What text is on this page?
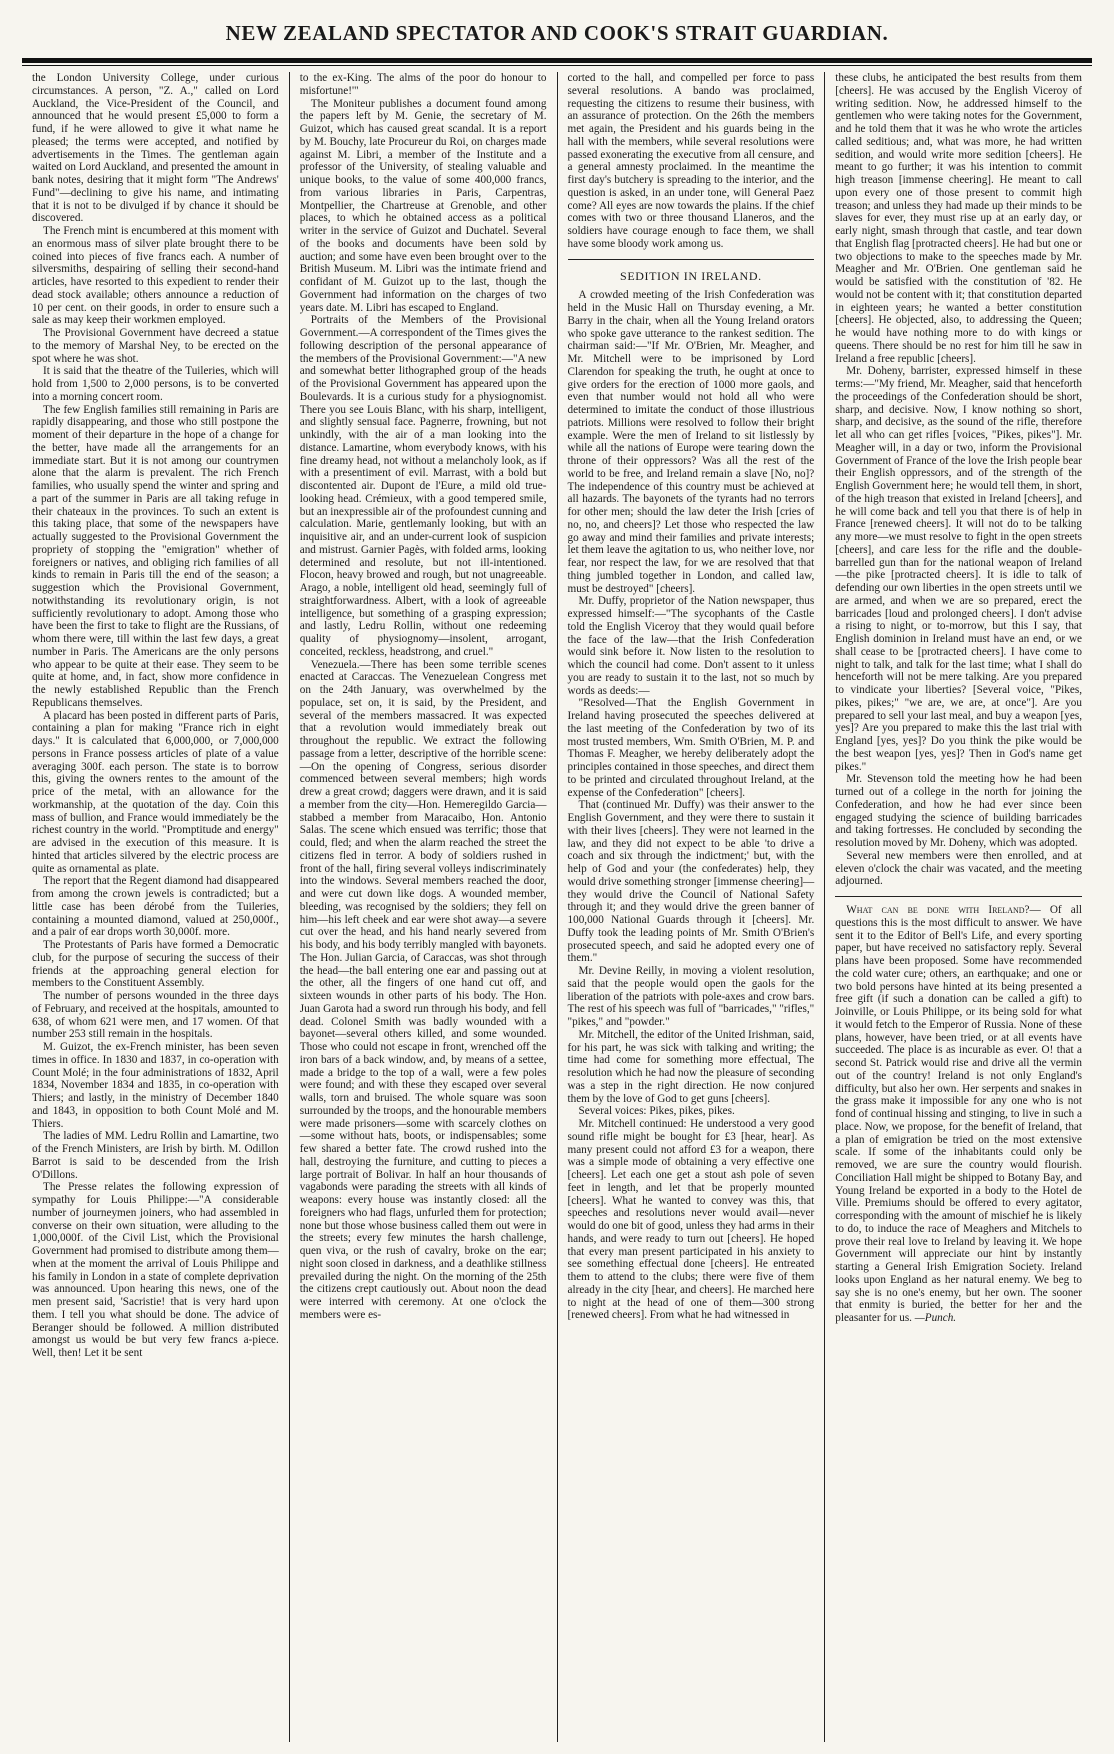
NEW ZEALAND SPECTATOR AND COOK'S STRAIT GUARDIAN.

the London University College, under curious circumstances. A person, "Z. A.," called on Lord Auckland, the Vice-President of the Council, and announced that he would present £5,000 to form a fund, if he were allowed to give it what name he pleased; the terms were accepted, and notified by advertisements in the Times. The gentleman again waited on Lord Auckland, and presented the amount in bank notes, desiring that it might form "The Andrews' Fund"—declining to give his name, and intimating that it is not to be divulged if by chance it should be discovered.

The French mint is encumbered at this moment with an enormous mass of silver plate brought there to be coined into pieces of five francs each. A number of silversmiths, despairing of selling their second-hand articles, have resorted to this expedient to render their dead stock available; others announce a reduction of 10 per cent. on their goods, in order to ensure such a sale as may keep their workmen employed.

The Provisional Government have decreed a statue to the memory of Marshal Ney, to be erected on the spot where he was shot.

It is said that the theatre of the Tuileries, which will hold from 1,500 to 2,000 persons, is to be converted into a morning concert room.

The few English families still remaining in Paris are rapidly disappearing, and those who still postpone the moment of their departure in the hope of a change for the better, have made all the arrangements for an immediate start. But it is not among our countrymen alone that the alarm is prevalent. The rich French families, who usually spend the winter and spring and a part of the summer in Paris are all taking refuge in their chateaux in the provinces. To such an extent is this taking place, that some of the newspapers have actually suggested to the Provisional Government the propriety of stopping the "emigration" whether of foreigners or natives, and obliging rich families of all kinds to remain in Paris till the end of the season; a suggestion which the Provisional Government, notwithstanding its revolutionary origin, is not sufficiently revolutionary to adopt. Among those who have been the first to take to flight are the Russians, of whom there were, till within the last few days, a great number in Paris. The Americans are the only persons who appear to be quite at their ease. They seem to be quite at home, and, in fact, show more confidence in the newly established Republic than the French Republicans themselves.

A placard has been posted in different parts of Paris, containing a plan for making "France rich in eight days." It is calculated that 6,000,000, or 7,000,000 persons in France possess articles of plate of a value averaging 300f. each person. The state is to borrow this, giving the owners rentes to the amount of the price of the metal, with an allowance for the workmanship, at the quotation of the day. Coin this mass of bullion, and France would immediately be the richest country in the world. "Promptitude and energy" are advised in the execution of this measure. It is hinted that articles silvered by the electric process are quite as ornamental as plate.

The report that the Regent diamond had disappeared from among the crown jewels is contradicted; but a little case has been dérobé from the Tuileries, containing a mounted diamond, valued at 250,000f., and a pair of ear drops worth 30,000f. more.

The Protestants of Paris have formed a Democratic club, for the purpose of securing the success of their friends at the approaching general election for members to the Constituent Assembly.

The number of persons wounded in the three days of February, and received at the hospitals, amounted to 638, of whom 621 were men, and 17 women. Of that number 253 still remain in the hospitals.

M. Guizot, the ex-French minister, has been seven times in office. In 1830 and 1837, in co-operation with Count Molé; in the four administrations of 1832, April 1834, November 1834 and 1835, in co-operation with Thiers; and lastly, in the ministry of December 1840 and 1843, in opposition to both Count Molé and M. Thiers.

The ladies of MM. Ledru Rollin and Lamartine, two of the French Ministers, are Irish by birth. M. Odillon Barrot is said to be descended from the Irish O'Dillons.

The Presse relates the following expression of sympathy for Louis Philippe:—"A considerable number of journeymen joiners, who had assembled in converse on their own situation, were alluding to the 1,000,000f. of the Civil List, which the Provisional Government had promised to distribute among them—when at the moment the arrival of Louis Philippe and his family in London in a state of complete deprivation was announced. Upon hearing this news, one of the men present said, 'Sacristie! that is very hard upon them. I tell you what should be done. The advice of Beranger should be followed. A million distributed amongst us would be but very few francs a-piece. Well, then! Let it be sent

to the ex-King. The alms of the poor do honour to misfortune!'"

The Moniteur publishes a document found among the papers left by M. Genie, the secretary of M. Guizot, which has caused great scandal. It is a report by M. Bouchy, late Procureur du Roi, on charges made against M. Libri, a member of the Institute and a professor of the University, of stealing valuable and unique books, to the value of some 400,000 francs, from various libraries in Paris, Carpentras, Montpellier, the Chartreuse at Grenoble, and other places, to which he obtained access as a political writer in the service of Guizot and Duchatel. Several of the books and documents have been sold by auction; and some have even been brought over to the British Museum. M. Libri was the intimate friend and confidant of M. Guizot up to the last, though the Government had information on the charges of two years date. M. Libri has escaped to England.

Portraits of the Members of the Provisional Government.—A correspondent of the Times gives the following description of the personal appearance of the members of the Provisional Government:—"A new and somewhat better lithographed group of the heads of the Provisional Government has appeared upon the Boulevards. It is a curious study for a physiognomist. There you see Louis Blanc, with his sharp, intelligent, and slightly sensual face. Pagnerre, frowning, but not unkindly, with the air of a man looking into the distance. Lamartine, whom everybody knows, with his fine dreamy head, not without a melancholy look, as if with a presentiment of evil. Marrast, with a bold but discontented air. Dupont de l'Eure, a mild old true-looking head. Crémieux, with a good tempered smile, but an inexpressible air of the profoundest cunning and calculation. Marie, gentlemanly looking, but with an inquisitive air, and an under-current look of suspicion and mistrust. Garnier Pagès, with folded arms, looking determined and resolute, but not ill-intentioned. Flocon, heavy browed and rough, but not unagreeable. Arago, a noble, intelligent old head, seemingly full of straightforwardness. Albert, with a look of agreeable intelligence, but something of a grasping expression; and lastly, Ledru Rollin, without one redeeming quality of physiognomy—insolent, arrogant, conceited, reckless, headstrong, and cruel."

Venezuela.—There has been some terrible scenes enacted at Caraccas. The Venezuelean Congress met on the 24th January, was overwhelmed by the populace, set on, it is said, by the President, and several of the members massacred. It was expected that a revolution would immediately break out throughout the republic. We extract the following passage from a letter, descriptive of the horrible scene:—On the opening of Congress, serious disorder commenced between several members; high words drew a great crowd; daggers were drawn, and it is said a member from the city—Hon. Hemeregildo Garcia—stabbed a member from Maracaibo, Hon. Antonio Salas. The scene which ensued was terrific; those that could, fled; and when the alarm reached the street the citizens fled in terror. A body of soldiers rushed in front of the hall, firing several volleys indiscriminately into the windows. Several members reached the door, and were cut down like dogs. A wounded member, bleeding, was recognised by the soldiers; they fell on him—his left cheek and ear were shot away—a severe cut over the head, and his hand nearly severed from his body, and his body terribly mangled with bayonets. The Hon. Julian Garcia, of Caraccas, was shot through the head—the ball entering one ear and passing out at the other, all the fingers of one hand cut off, and sixteen wounds in other parts of his body. The Hon. Juan Garota had a sword run through his body, and fell dead. Colonel Smith was badly wounded with a bayonet—several others killed, and some wounded. Those who could not escape in front, wrenched off the iron bars of a back window, and, by means of a settee, made a bridge to the top of a wall, were a few poles were found; and with these they escaped over several walls, torn and bruised. The whole square was soon surrounded by the troops, and the honourable members were made prisoners—some with scarcely clothes on—some without hats, boots, or indispensables; some few shared a better fate. The crowd rushed into the hall, destroying the furniture, and cutting to pieces a large portrait of Bolivar. In half an hour thousands of vagabonds were parading the streets with all kinds of weapons: every house was instantly closed: all the foreigners who had flags, unfurled them for protection; none but those whose business called them out were in the streets; every few minutes the harsh challenge, quen viva, or the rush of cavalry, broke on the ear; night soon closed in darkness, and a deathlike stillness prevailed during the night. On the morning of the 25th the citizens crept cautiously out. About noon the dead were interred with ceremony. At one o'clock the members were es-

corted to the hall, and compelled per force to pass several resolutions. A bando was proclaimed, requesting the citizens to resume their business, with an assurance of protection. On the 26th the members met again, the President and his guards being in the hall with the members, while several resolutions were passed exonerating the executive from all censure, and a general amnesty proclaimed. In the meantime the first day's butchery is spreading to the interior, and the question is asked, in an under tone, will General Paez come? All eyes are now towards the plains. If the chief comes with two or three thousand Llaneros, and the soldiers have courage enough to face them, we shall have some bloody work among us.

SEDITION IN IRELAND.

A crowded meeting of the Irish Confederation was held in the Music Hall on Thursday evening, a Mr. Barry in the chair, when all the Young Ireland orators who spoke gave utterance to the rankest sedition. The chairman said:—"If Mr. O'Brien, Mr. Meagher, and Mr. Mitchell were to be imprisoned by Lord Clarendon for speaking the truth, he ought at once to give orders for the erection of 1000 more gaols, and even that number would not hold all who were determined to imitate the conduct of those illustrious patriots. Millions were resolved to follow their bright example. Were the men of Ireland to sit listlessly by while all the nations of Europe were tearing down the throne of their oppressors? Was all the rest of the world to be free, and Ireland remain a slave [No, no]? The independence of this country must be achieved at all hazards. The bayonets of the tyrants had no terrors for other men; should the law deter the Irish [cries of no, no, and cheers]? Let those who respected the law go away and mind their families and private interests; let them leave the agitation to us, who neither love, nor fear, nor respect the law, for we are resolved that that thing jumbled together in London, and called law, must be destroyed" [cheers].

Mr. Duffy, proprietor of the Nation newspaper, thus expressed himself:—"The sycophants of the Castle told the English Viceroy that they would quail before the face of the law—that the Irish Confederation would sink before it. Now listen to the resolution to which the council had come. Don't assent to it unless you are ready to sustain it to the last, not so much by words as deeds:—

"Resolved—That the English Government in Ireland having prosecuted the speeches delivered at the last meeting of the Confederation by two of its most trusted members, Wm. Smith O'Brien, M. P. and Thomas F. Meagher, we hereby deliberately adopt the principles contained in those speeches, and direct them to be printed and circulated throughout Ireland, at the expense of the Confederation" [cheers].

That (continued Mr. Duffy) was their answer to the English Government, and they were there to sustain it with their lives [cheers]. They were not learned in the law, and they did not expect to be able 'to drive a coach and six through the indictment;' but, with the help of God and your (the confederates) help, they would drive something stronger [immense cheering]—they would drive the Council of National Safety through it; and they would drive the green banner of 100,000 National Guards through it [cheers]. Mr. Duffy took the leading points of Mr. Smith O'Brien's prosecuted speech, and said he adopted every one of them."

Mr. Devine Reilly, in moving a violent resolution, said that the people would open the gaols for the liberation of the patriots with pole-axes and crow bars. The rest of his speech was full of "barricades," "rifles," "pikes," and "powder."

Mr. Mitchell, the editor of the United Irishman, said, for his part, he was sick with talking and writing; the time had come for something more effectual, The resolution which he had now the pleasure of seconding was a step in the right direction. He now conjured them by the love of God to get guns [cheers].

Several voices: Pikes, pikes, pikes.

Mr. Mitchell continued: He understood a very good sound rifle might be bought for £3 [hear, hear]. As many present could not afford £3 for a weapon, there was a simple mode of obtaining a very effective one [cheers]. Let each one get a stout ash pole of seven feet in length, and let that be properly mounted [cheers]. What he wanted to convey was this, that speeches and resolutions never would avail—never would do one bit of good, unless they had arms in their hands, and were ready to turn out [cheers]. He hoped that every man present participated in his anxiety to see something effectual done [cheers]. He entreated them to attend to the clubs; there were five of them already in the city [hear, and cheers]. He marched here to night at the head of one of them—300 strong [renewed cheers]. From what he had witnessed in

these clubs, he anticipated the best results from them [cheers]. He was accused by the English Viceroy of writing sedition. Now, he addressed himself to the gentlemen who were taking notes for the Government, and he told them that it was he who wrote the articles called seditious; and, what was more, he had written sedition, and would write more sedition [cheers]. He meant to go further; it was his intention to commit high treason [immense cheering]. He meant to call upon every one of those present to commit high treason; and unless they had made up their minds to be slaves for ever, they must rise up at an early day, or early night, smash through that castle, and tear down that English flag [protracted cheers]. He had but one or two objections to make to the speeches made by Mr. Meagher and Mr. O'Brien. One gentleman said he would be satisfied with the constitution of '82. He would not be content with it; that constitution departed in eighteen years; he wanted a better constitution [cheers]. He objected, also, to addressing the Queen; he would have nothing more to do with kings or queens. There should be no rest for him till he saw in Ireland a free republic [cheers].

Mr. Doheny, barrister, expressed himself in these terms:—"My friend, Mr. Meagher, said that henceforth the proceedings of the Confederation should be short, sharp, and decisive. Now, I know nothing so short, sharp, and decisive, as the sound of the rifle, therefore let all who can get rifles [voices, "Pikes, pikes"]. Mr. Meagher will, in a day or two, inform the Provisional Government of France of the love the Irish people bear their English oppressors, and of the strength of the English Government here; he would tell them, in short, of the high treason that existed in Ireland [cheers], and he will come back and tell you that there is of help in France [renewed cheers]. It will not do to be talking any more—we must resolve to fight in the open streets [cheers], and care less for the rifle and the double-barrelled gun than for the national weapon of Ireland—the pike [protracted cheers]. It is idle to talk of defending our own liberties in the open streets until we are armed, and when we are so prepared, erect the barricades [loud and prolonged cheers]. I don't advise a rising to night, or to-morrow, but this I say, that English dominion in Ireland must have an end, or we shall cease to be [protracted cheers]. I have come to night to talk, and talk for the last time; what I shall do henceforth will not be mere talking. Are you prepared to vindicate your liberties? [Several voice, "Pikes, pikes, pikes;" "we are, we are, at once"]. Are you prepared to sell your last meal, and buy a weapon [yes, yes]? Are you prepared to make this the last trial with England [yes, yes]? Do you think the pike would be the best weapon [yes, yes]? Then in God's name get pikes."

Mr. Stevenson told the meeting how he had been turned out of a college in the north for joining the Confederation, and how he had ever since been engaged studying the science of building barricades and taking fortresses. He concluded by seconding the resolution moved by Mr. Doheny, which was adopted.

Several new members were then enrolled, and at eleven o'clock the chair was vacated, and the meeting adjourned.

What can be done with Ireland?— Of all questions this is the most difficult to answer. We have sent it to the Editor of Bell's Life, and every sporting paper, but have received no satisfactory reply. Several plans have been proposed. Some have recommended the cold water cure; others, an earthquake; and one or two bold persons have hinted at its being presented a free gift (if such a donation can be called a gift) to Joinville, or Louis Philippe, or its being sold for what it would fetch to the Emperor of Russia. None of these plans, however, have been tried, or at all events have succeeded. The place is as incurable as ever. O! that a second St. Patrick would rise and drive all the vermin out of the country! Ireland is not only England's difficulty, but also her own. Her serpents and snakes in the grass make it impossible for any one who is not fond of continual hissing and stinging, to live in such a place. Now, we propose, for the benefit of Ireland, that a plan of emigration be tried on the most extensive scale. If some of the inhabitants could only be removed, we are sure the country would flourish. Conciliation Hall might be shipped to Botany Bay, and Young Ireland be exported in a body to the Hotel de Ville. Premiums should be offered to every agitator, corresponding with the amount of mischief he is likely to do, to induce the race of Meaghers and Mitchels to prove their real love to Ireland by leaving it. We hope Government will appreciate our hint by instantly starting a General Irish Emigration Society. Ireland looks upon England as her natural enemy. We beg to say she is no one's enemy, but her own. The sooner that enmity is buried, the better for her and the pleasanter for us. —Punch.
